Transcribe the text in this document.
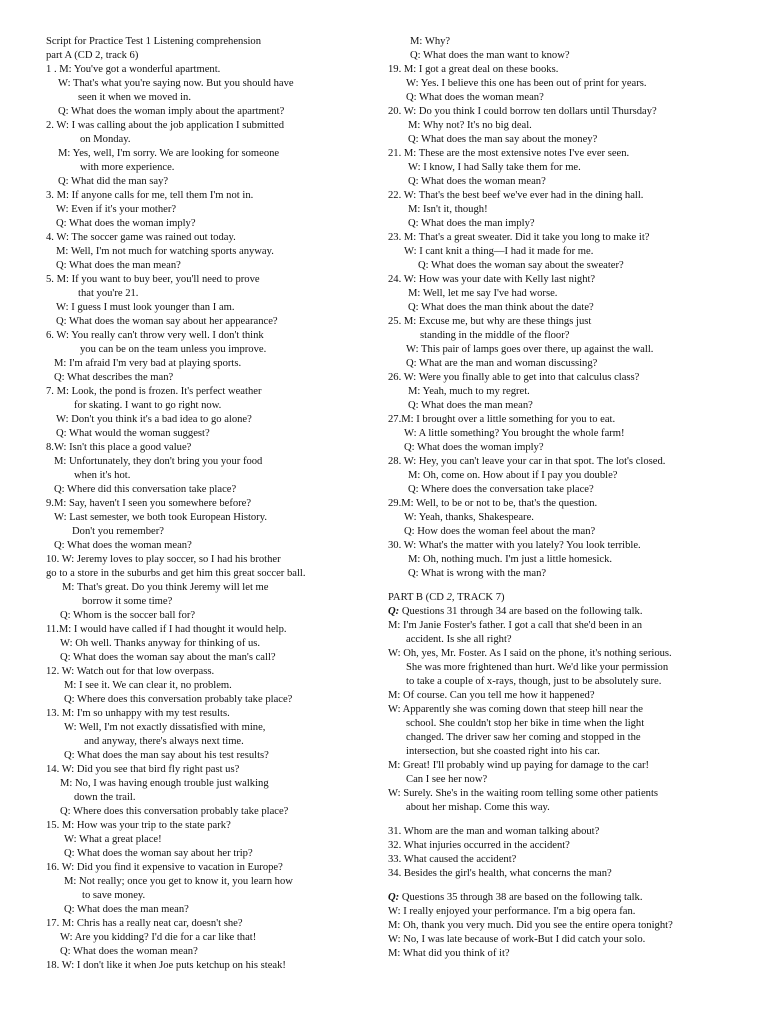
Script for Practice Test 1 Listening comprehension
part A (CD 2, track 6)
1 . M: You've got a wonderful apartment.
W: That's what you're saying now. But you should have
seen it when we moved in.
Q: What does the woman imply about the apartment?
2. W: I was calling about the job application I submitted
on Monday.
M: Yes, well, I'm sorry. We are looking for someone
with more experience.
Q: What did the man say?
3. M: If anyone calls for me, tell them I'm not in.
W: Even if it's your mother?
Q: What does the woman imply?
4. W: The soccer game was rained out today.
M: Well, I'm not much for watching sports anyway.
Q: What does the man mean?
5. M: If you want to buy beer, you'll need to prove
that you're 21.
W: I guess I must look younger than I am.
Q: What does the woman say about her appearance?
6. W: You really can't throw very well. I don't think
you can be on the team unless you improve.
M: I'm afraid I'm very bad at playing sports.
Q: What describes the man?
7. M: Look, the pond is frozen. It's perfect weather
for skating. I want to go right now.
W: Don't you think it's a bad idea to go alone?
Q: What would the woman suggest?
8.W: Isn't this place a good value?
M: Unfortunately, they don't bring you your food
when it's hot.
Q: Where did this conversation take place?
9.M: Say, haven't I seen you somewhere before?
W: Last semester, we both took European History.
Don't you remember?
Q: What does the woman mean?
10. W: Jeremy loves to play soccer, so I had his brother
go to a store in the suburbs and get him this great soccer ball.
M: That's great. Do you think Jeremy will let me
borrow it some time?
Q: Whom is the soccer ball for?
11.M: I would have called if I had thought it would help.
W: Oh well. Thanks anyway for thinking of us.
Q: What does the woman say about the man's call?
12. W: Watch out for that low overpass.
M: I see it. We can clear it, no problem.
Q: Where does this conversation probably take place?
13. M: I'm so unhappy with my test results.
W: Well, I'm not exactly dissatisfied with mine,
and anyway, there's always next time.
Q: What does the man say about his test results?
14. W: Did you see that bird fly right past us?
M: No, I was having enough trouble just walking
down the trail.
Q: Where does this conversation probably take place?
15. M: How was your trip to the state park?
W: What a great place!
Q: What does the woman say about her trip?
16. W: Did you find it expensive to vacation in Europe?
M: Not really; once you get to know it, you learn how
to save money.
Q: What does the man mean?
17. M: Chris has a really neat car, doesn't she?
W: Are you kidding? I'd die for a car like that!
Q: What does the woman mean?
18. W: I don't like it when Joe puts ketchup on his steak!
M: Why?
Q: What does the man want to know?
19. M: I got a great deal on these books.
W: Yes. I believe this one has been out of print for years.
Q: What does the woman mean?
20. W: Do you think I could borrow ten dollars until Thursday?
M: Why not? It's no big deal.
Q: What does the man say about the money?
21. M: These are the most extensive notes I've ever seen.
W: I know, I had Sally take them for me.
Q: What does the woman mean?
22. W: That's the best beef we've ever had in the dining hall.
M: Isn't it, though!
Q: What does the man imply?
23. M: That's a great sweater. Did it take you long to make it?
W: I cant knit a thing—I had it made for me.
Q: What does the woman say about the sweater?
24. W: How was your date with Kelly last night?
M: Well, let me say I've had worse.
Q: What does the man think about the date?
25. M: Excuse me, but why are these things just
standing in the middle of the floor?
W: This pair of lamps goes over there, up against the wall.
Q: What are the man and woman discussing?
26. W: Were you finally able to get into that calculus class?
M: Yeah, much to my regret.
Q: What does the man mean?
27.M: I brought over a little something for you to eat.
W: A little something? You brought the whole farm!
Q: What does the woman imply?
28. W: Hey, you can't leave your car in that spot. The lot's closed.
M: Oh, come on. How about if I pay you double?
Q: Where does the conversation take place?
29.M: Well, to be or not to be, that's the question.
W: Yeah, thanks, Shakespeare.
Q: How does the woman feel about the man?
30. W: What's the matter with you lately? You look terrible.
M: Oh, nothing much. I'm just a little homesick.
Q: What is wrong with the man?
PART B (CD 2, TRACK 7)
Q: Questions 31 through 34 are based on the following talk.
M: I'm Janie Foster's father. I got a call that she'd been in an
accident. Is she all right?
W: Oh, yes, Mr. Foster. As I said on the phone, it's nothing serious.
She was more frightened than hurt. We'd like your permission
to take a couple of x-rays, though, just to be absolutely sure.
M: Of course. Can you tell me how it happened?
W: Apparently she was coming down that steep hill near the
school. She couldn't stop her bike in time when the light
changed. The driver saw her coming and stopped in the
intersection, but she coasted right into his car.
M: Great! I'll probably wind up paying for damage to the car!
Can I see her now?
W: Surely. She's in the waiting room telling some other patients
about her mishap. Come this way.
31. Whom are the man and woman talking about?
32. What injuries occurred in the accident?
33. What caused the accident?
34. Besides the girl's health, what concerns the man?
Q: Questions 35 through 38 are based on the following talk.
W: I really enjoyed your performance. I'm a big opera fan.
M: Oh, thank you very much. Did you see the entire opera tonight?
W: No, I was late because of work-But I did catch your solo.
M: What did you think of it?
